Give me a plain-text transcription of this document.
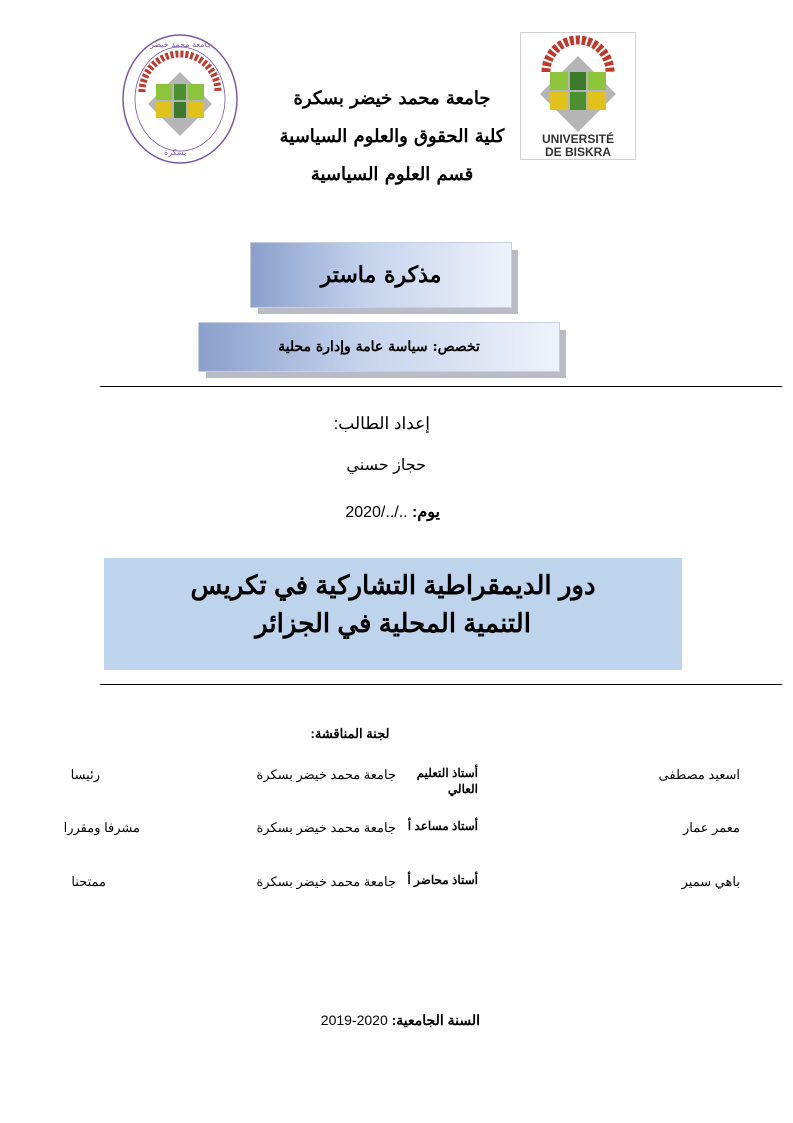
جامعة محمد خيضر
بسكرة
UNIVERSITÉ
DE BISKRA
جامعة محمد خيضر بسكرة
كلية الحقوق والعلوم السياسية
قسم العلوم السياسية
مذكرة ماستر
تخصص: سياسة عامة وإدارة محلية
إعداد الطالب:
حجاز حسني
2020/../.. يوم:
دور الديمقراطية التشاركية في تكريس
التنمية المحلية في الجزائر
لجنة المناقشة:
اسعيد مصطفى
أستاذ التعليم العالي
جامعة محمد خيضر بسكرة
رئيسا
معمر عمار
أستاذ مساعد أ
جامعة محمد خيضر بسكرة
مشرفا ومقررا
باهي سمير
أستاذ محاضر أ
جامعة محمد خيضر بسكرة
ممتحنا
2019-2020 السنة الجامعية:
